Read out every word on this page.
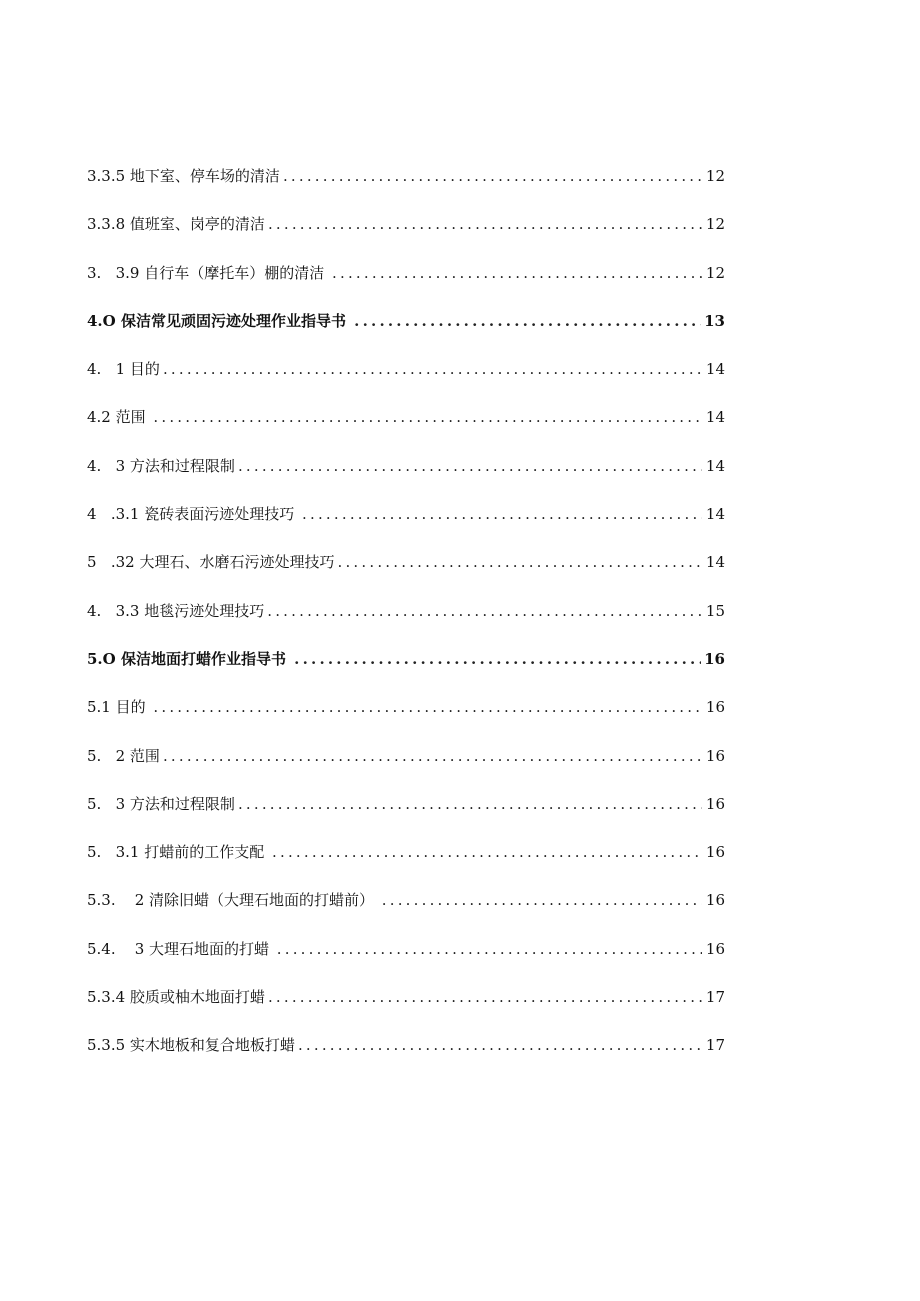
3.3.5 地下室、停车场的清洁 .....	12
3.3.8 值班室、岗亭的清洁 .....	12
3.   3.9 自行车（摩托车）棚的清洁 .....	12
4.O 保洁常见顽固污迹处理作业指导书 .....	13
4.   1 目的 .....	14
4.2 范围 .....	14
4.   3 方法和过程限制 .....	14
4   .3.1 瓷砖表面污迹处理技巧 .....	14
5   .32 大理石、水磨石污迹处理技巧 .....	14
4.   3.3 地毯污迹处理技巧 .....	15
5.O 保洁地面打蜡作业指导书 .....	16
5.1 目的 .....	16
5.   2 范围 .....	16
5.   3 方法和过程限制 .....	16
5.   3.1 打蜡前的工作支配 .....	16
5.3.    2 清除旧蜡（大理石地面的打蜡前） .....	16
5.4.    3 大理石地面的打蜡 .....	16
5.3.4 胶质或柚木地面打蜡 .....	17
5.3.5 实木地板和复合地板打蜡 .....	17
